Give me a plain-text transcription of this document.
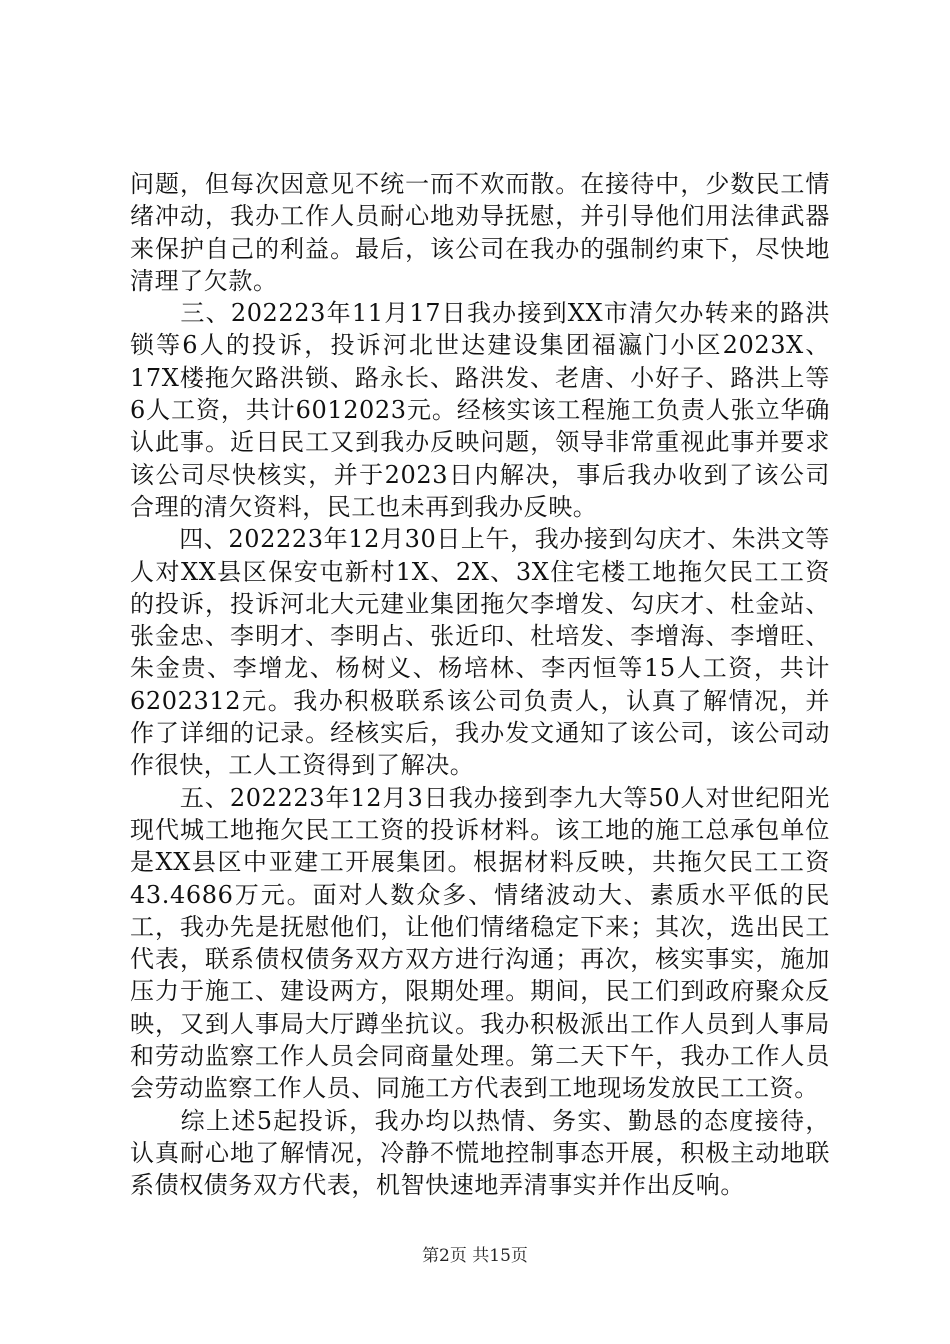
问题，但每次因意见不统一而不欢而散。在接待中，少数民工情绪冲动，我办工作人员耐心地劝导抚慰，并引导他们用法律武器来保护自己的利益。最后，该公司在我办的强制约束下，尽快地清理了欠款。

　　三、202223年11月17日我办接到XX市清欠办转来的路洪锁等6人的投诉，投诉河北世达建设集团福瀛门小区2023X、17X楼拖欠路洪锁、路永长、路洪发、老唐、小好子、路洪上等6人工资，共计6012023元。经核实该工程施工负责人张立华确认此事。近日民工又到我办反映问题，领导非常重视此事并要求该公司尽快核实，并于2023日内解决，事后我办收到了该公司合理的清欠资料，民工也未再到我办反映。

　　四、202223年12月30日上午，我办接到勾庆才、朱洪文等人对XX县区保安屯新村1X、2X、3X住宅楼工地拖欠民工工资的投诉，投诉河北大元建业集团拖欠李增发、勾庆才、杜金站、张金忠、李明才、李明占、张近印、杜培发、李增海、李增旺、朱金贵、李增龙、杨树义、杨培林、李丙恒等15人工资，共计6202312元。我办积极联系该公司负责人，认真了解情况，并作了详细的记录。经核实后，我办发文通知了该公司，该公司动作很快，工人工资得到了解决。

　　五、202223年12月3日我办接到李九大等50人对世纪阳光现代城工地拖欠民工工资的投诉材料。该工地的施工总承包单位是XX县区中亚建工开展集团。根据材料反映，共拖欠民工工资43.4686万元。面对人数众多、情绪波动大、素质水平低的民工，我办先是抚慰他们，让他们情绪稳定下来；其次，选出民工代表，联系债权债务双方双方进行沟通；再次，核实事实，施加压力于施工、建设两方，限期处理。期间，民工们到政府聚众反映，又到人事局大厅蹲坐抗议。我办积极派出工作人员到人事局和劳动监察工作人员会同商量处理。第二天下午，我办工作人员会劳动监察工作人员、同施工方代表到工地现场发放民工工资。

　　综上述5起投诉，我办均以热情、务实、勤恳的态度接待，认真耐心地了解情况，冷静不慌地控制事态开展，积极主动地联系债权债务双方代表，机智快速地弄清事实并作出反响。

第2页 共15页
